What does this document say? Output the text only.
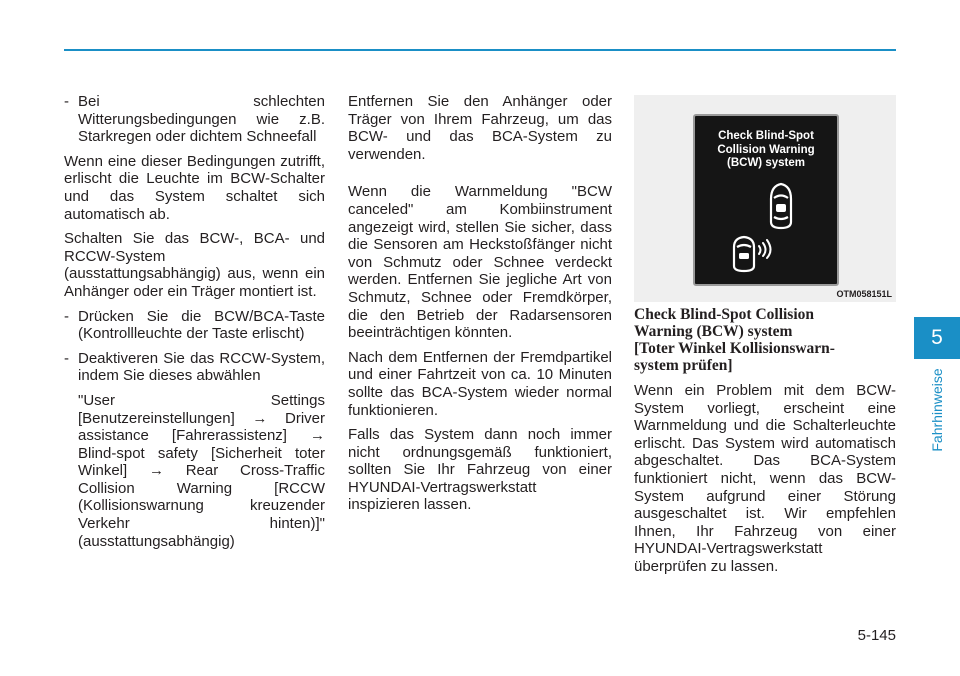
- Bei schlechten Witterungsbedingungen wie z.B. Starkregen oder dichtem Schneefall

Wenn eine dieser Bedingungen zutrifft, erlischt die Leuchte im BCW-Schalter und das System schaltet sich automatisch ab.

Schalten Sie das BCW-, BCA- und RCCW-System (ausstattungsabhängig) aus, wenn ein Anhänger oder ein Träger montiert ist.

- Drücken Sie die BCW/BCA-Taste (Kontrollleuchte der Taste erlischt)

- Deaktiveren Sie das RCCW-System, indem Sie dieses abwählen

"User Settings [Benutzereinstellungen] → Driver assistance [Fahrerassistenz] → Blind-spot safety [Sicherheit toter Winkel] → Rear Cross-Traffic Collision Warning [RCCW (Kollisionswarnung kreuzender Verkehr hinten)]" (ausstattungsabhängig)

Entfernen Sie den Anhänger oder Träger von Ihrem Fahrzeug, um das BCW- und das BCA-System zu verwenden.

Wenn die Warnmeldung "BCW canceled" am Kombiinstrument angezeigt wird, stellen Sie sicher, dass die Sensoren am Heckstoßfänger nicht von Schmutz oder Schnee verdeckt werden. Entfernen Sie jegliche Art von Schmutz, Schnee oder Fremdkörper, die den Betrieb der Radarsensoren beeinträchtigen könnten.

Nach dem Entfernen der Fremdpartikel und einer Fahrtzeit von ca. 10 Minuten sollte das BCA-System wieder normal funktionieren.

Falls das System dann noch immer nicht ordnungsgemäß funktioniert, sollten Sie Ihr Fahrzeug von einer HYUNDAI-Vertragswerkstatt inspizieren lassen.

Check Blind-Spot
Collision Warning
(BCW) system
OTM058151L

Check Blind-Spot Collision
Warning (BCW) system
[Toter Winkel Kollisionswarn-
system prüfen]

Wenn ein Problem mit dem BCW-System vorliegt, erscheint eine Warnmeldung und die Schalterleuchte erlischt. Das System wird automatisch abgeschaltet. Das BCA-System funktioniert nicht, wenn das BCW-System aufgrund einer Störung ausgeschaltet ist. Wir empfehlen Ihnen, Ihr Fahrzeug von einer HYUNDAI-Vertragswerkstatt überprüfen zu lassen.

5
Fahrhinweise
5-145
